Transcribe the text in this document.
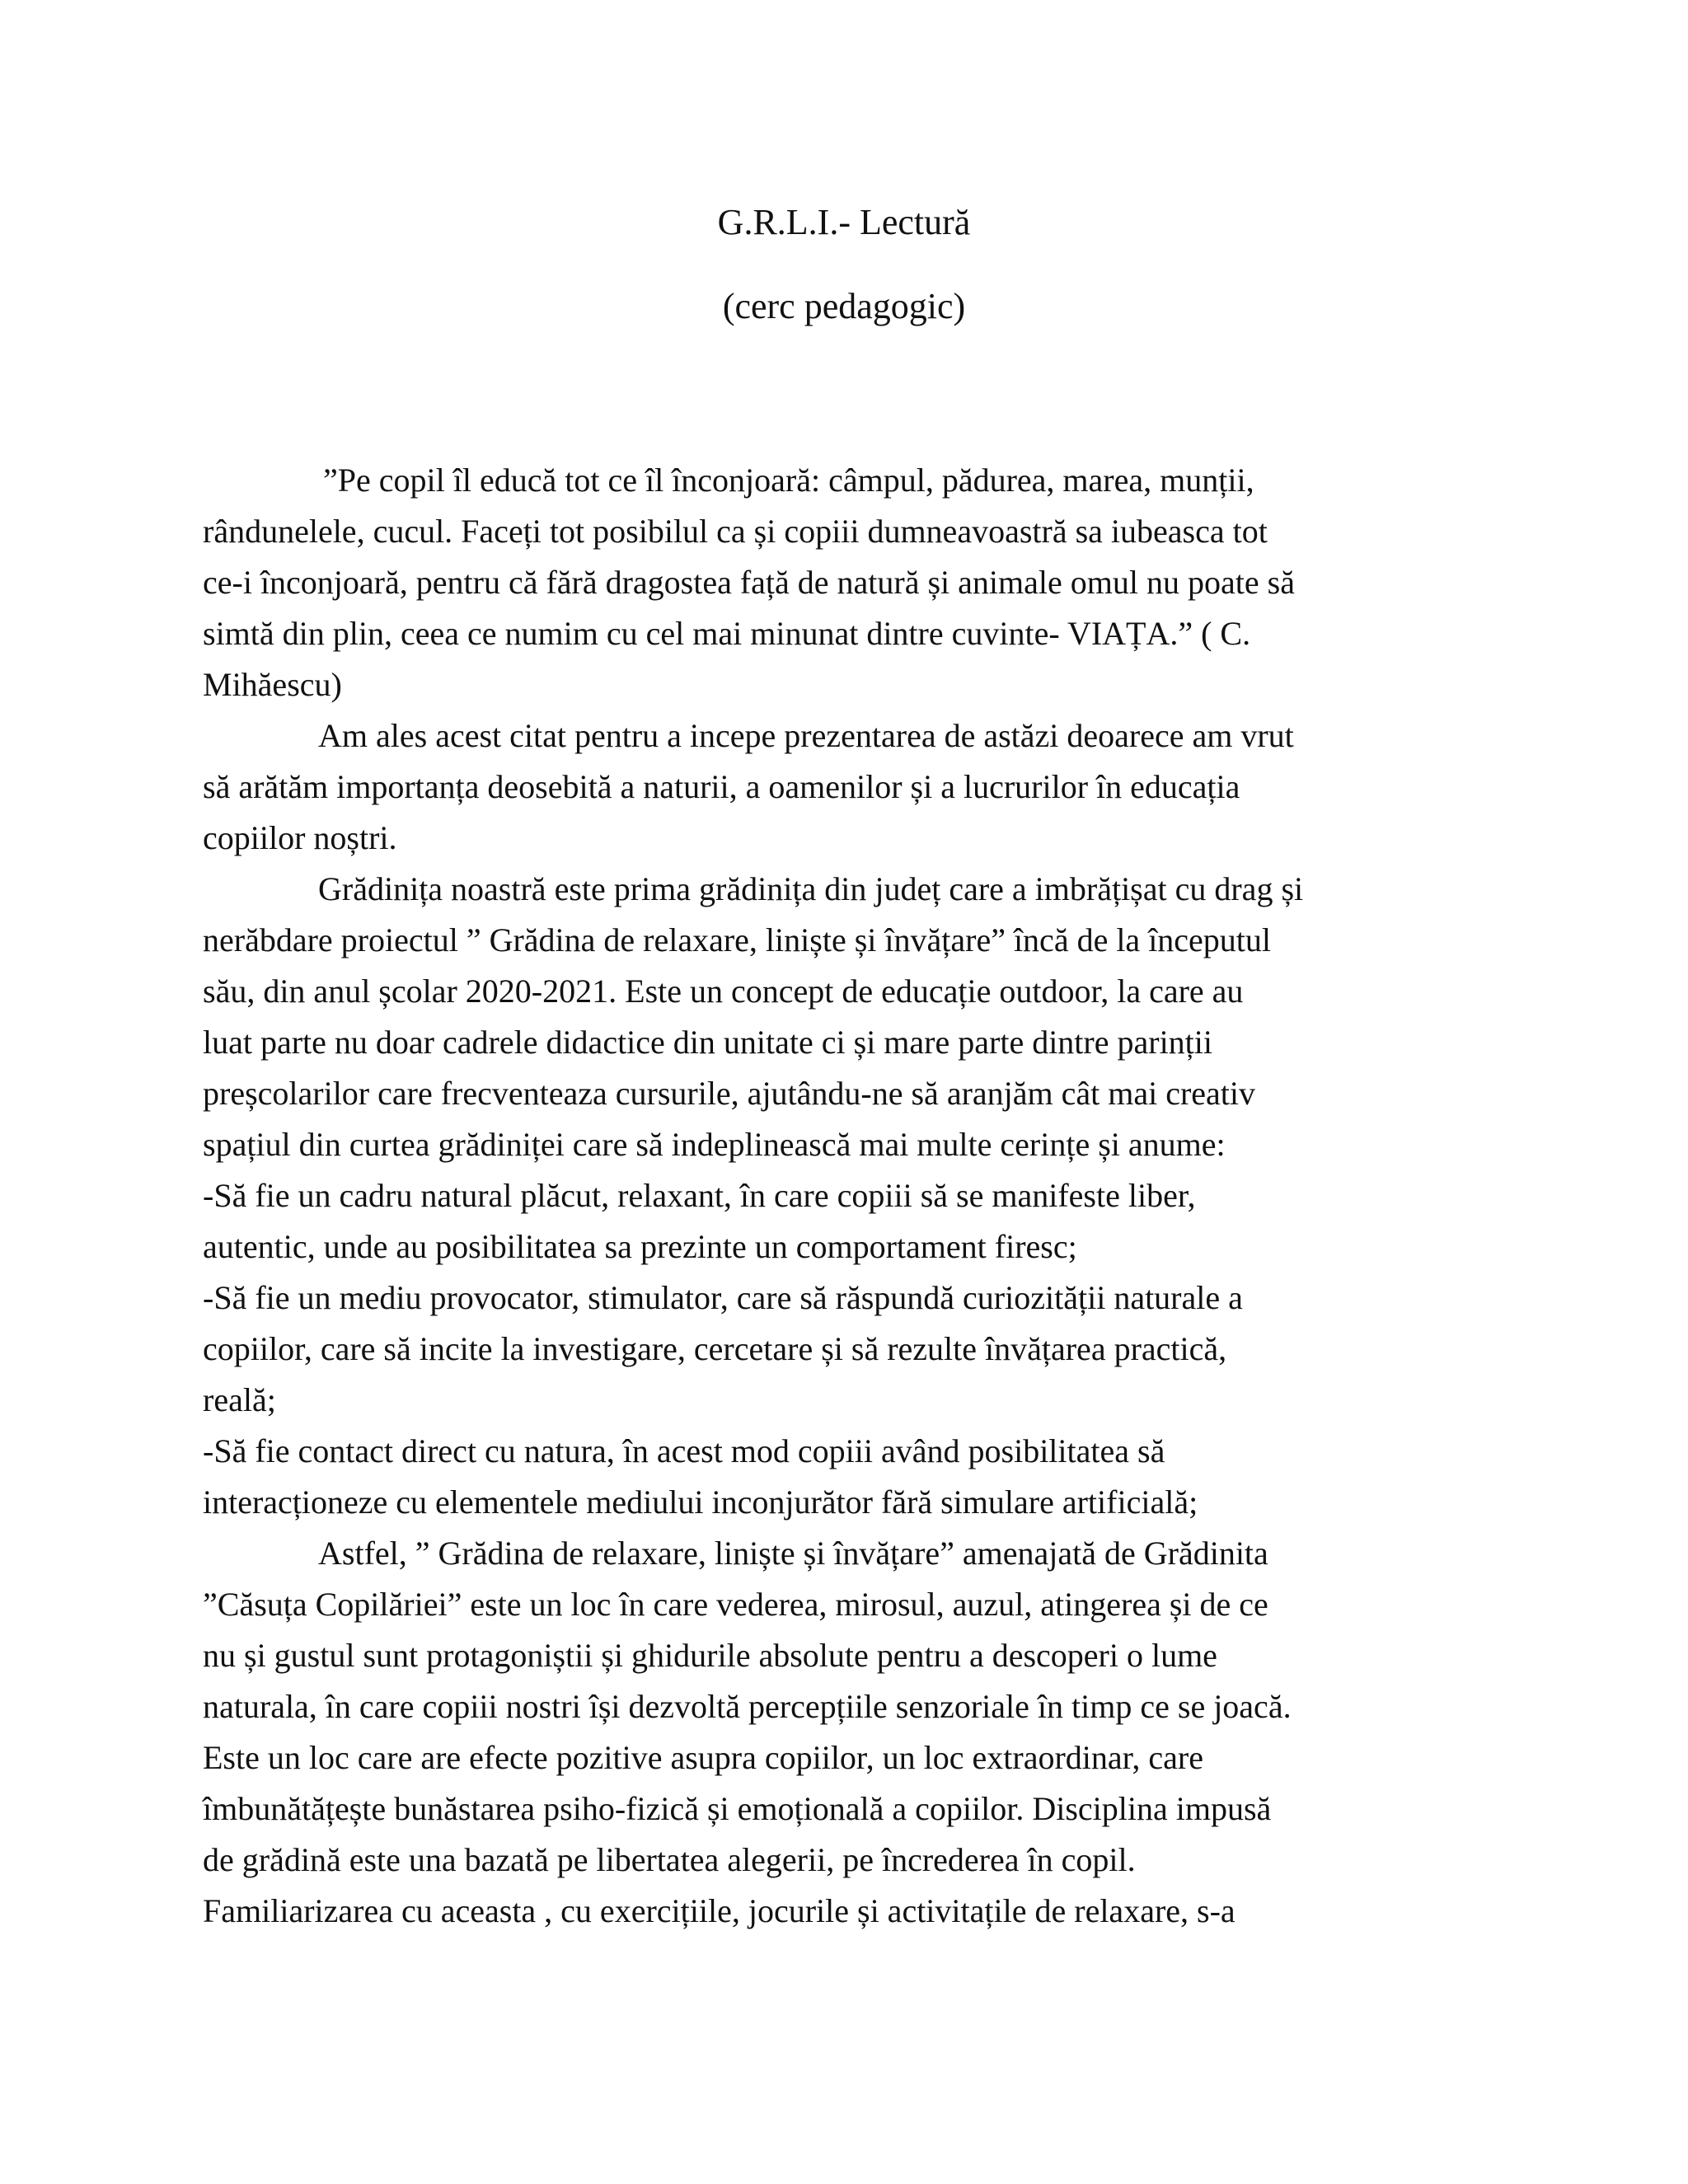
G.R.L.I.- Lectură
(cerc pedagogic)

”Pe copil îl educă tot ce îl înconjoară: câmpul, pădurea, marea, munții,

rândunelele, cucul. Faceți tot posibilul ca și copiii dumneavoastră sa iubeasca tot

ce-i înconjoară, pentru că fără dragostea față de natură și animale omul nu poate să

simtă din plin, ceea ce numim cu cel mai minunat dintre cuvinte- VIAȚA.” ( C.

Mihăescu)

Am ales acest citat pentru a incepe prezentarea de astăzi deoarece am vrut

să arătăm importanța deosebită a naturii, a oamenilor și a lucrurilor în educația

copiilor noștri.

Grădinița noastră este prima grădinița din județ care a imbrățișat cu drag și

nerăbdare proiectul ” Grădina de relaxare, liniște și învățare” încă de la începutul

său, din anul școlar 2020-2021. Este un concept de educație outdoor, la care au

luat parte nu doar cadrele didactice din unitate ci și mare parte dintre parinții

preșcolarilor care frecventeaza cursurile, ajutându-ne să aranjăm cât mai creativ

spațiul din curtea grădiniței care să indeplinească mai multe cerințe și anume:

-Să fie un cadru natural plăcut, relaxant, în care copiii să se manifeste liber,

autentic, unde au posibilitatea sa prezinte un comportament firesc;

-Să fie un mediu provocator, stimulator, care să răspundă curiozității naturale a

copiilor, care să incite la investigare, cercetare și să rezulte învățarea practică,

reală;

-Să fie contact direct cu natura, în acest mod copiii având posibilitatea să

interacționeze cu elementele mediului inconjurător fără simulare artificială;

Astfel, ” Grădina de relaxare, liniște și învățare” amenajată de Grădinita

”Căsuța Copilăriei” este un loc în care vederea, mirosul, auzul, atingerea și de ce

nu și gustul sunt protagoniștii și ghidurile absolute pentru a descoperi o lume

naturala, în care copiii nostri își dezvoltă percepțiile senzoriale în timp ce se joacă.

Este un loc care are efecte pozitive asupra copiilor, un loc extraordinar, care

îmbunătățește bunăstarea psiho-fizică și emoțională a copiilor. Disciplina impusă

de grădină este una bazată pe libertatea alegerii, pe încrederea în copil.

Familiarizarea cu aceasta , cu exercițiile, jocurile și activitațile de relaxare, s-a
